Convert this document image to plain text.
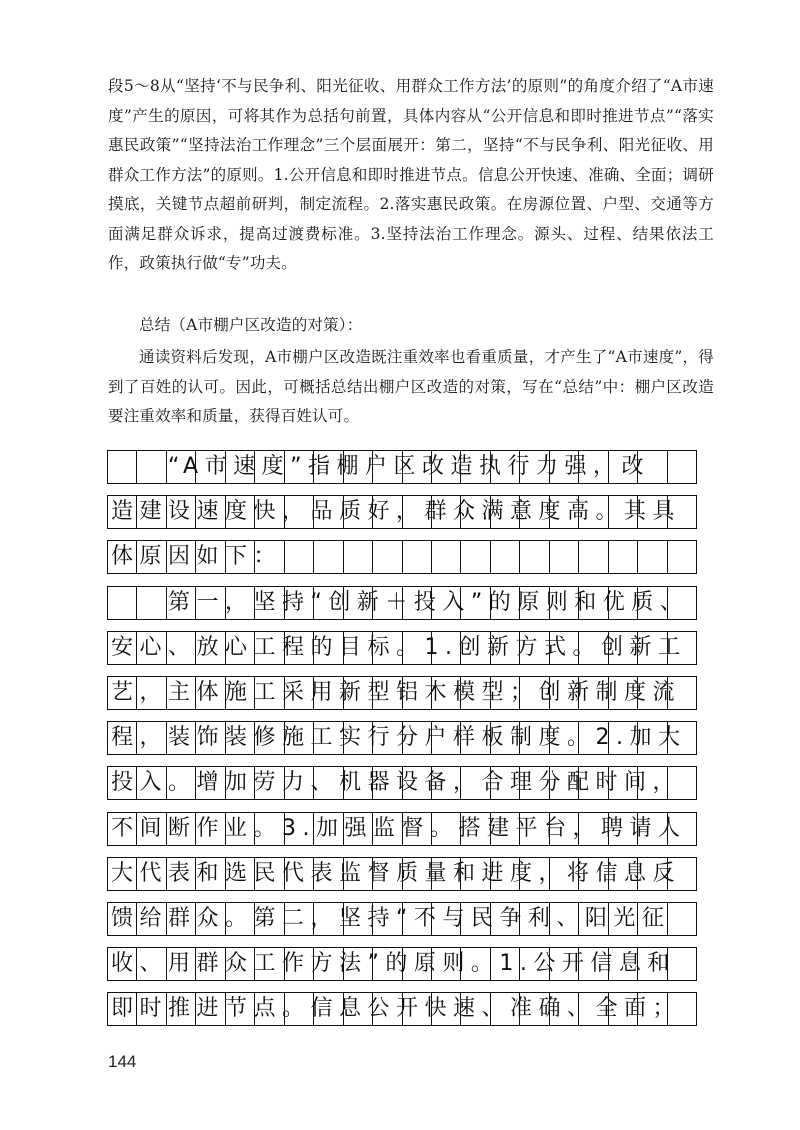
段5～8从“坚持‘不与民争利、阳光征收、用群众工作方法’的原则”的角度介绍了“A市速度”产生的原因，可将其作为总括句前置，具体内容从“公开信息和即时推进节点”“落实惠民政策”“坚持法治工作理念”三个层面展开：第二，坚持“不与民争利、阳光征收、用群众工作方法”的原则。1.公开信息和即时推进节点。信息公开快速、准确、全面；调研摸底，关键节点超前研判，制定流程。2.落实惠民政策。在房源位置、户型、交通等方面满足群众诉求，提高过渡费标准。3.坚持法治工作理念。源头、过程、结果依法工作，政策执行做“专”功夫。

总结（A市棚户区改造的对策）：

通读资料后发现，A市棚户区改造既注重效率也看重质量，才产生了“A市速度”，得到了百姓的认可。因此，可概括总结出棚户区改造的对策，写在“总结”中：棚户区改造要注重效率和质量，获得百姓认可。

　　“A市速度”指棚户区改造执行力强，改
造建设速度快，品质好，群众满意度高。其具
体原因如下：
　　第一，坚持“创新＋投入”的原则和优质、
安心、放心工程的目标。1.创新方式。创新工
艺，主体施工采用新型铝木模型；创新制度流
程，装饰装修施工实行分户样板制度。2.加大
投入。增加劳力、机器设备，合理分配时间，
不间断作业。3.加强监督。搭建平台，聘请人
大代表和选民代表监督质量和进度，将信息反
馈给群众。第二，坚持“不与民争利、阳光征
收、用群众工作方法”的原则。1.公开信息和
即时推进节点。信息公开快速、准确、全面；
144
